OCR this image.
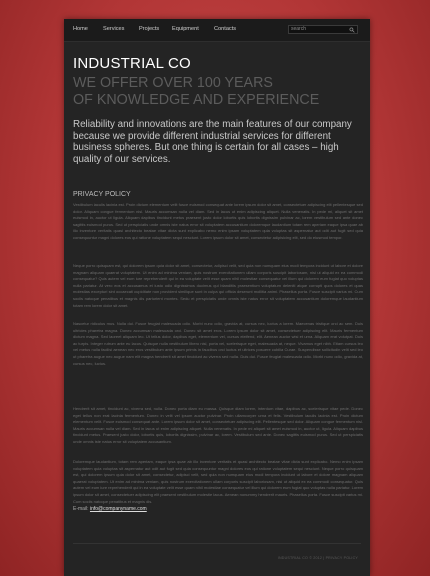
Home	Services	Projects Equipment	Contacts
search
INDUSTRIAL CO
WE OFFER OVER 100 YEARS
OF KNOWLEDGE AND EXPERIENCE
Reliability and innovations are the main features of our company because we provide different industrial services for different business spheres. But one thing is certain for all cases – high quality of our services.
PRIVACY POLICY
Vestibulum iaculis lacinia est. Proin dictum elementum velit fusce euismod consequat ante lorem ipsum dolor sit amet, consectetuer adipiscing elit pellentesque sed dolor. Aliquam congue fermentum nisl. Mauris accumsan nulla vel diam. Sed in lacus ut enim adipiscing aliquet. Nulla venenatis. In pede mi, aliquet sit amet euismod in, auctor ut ligula. Aliquam dapibus tincidunt metus praesent justo dolor lobortis quis lobortis dignissim pulvinar ac, lorem vestibulum sed ante donec sagittis euismod purus. Sed ut perspiciatis unde omnis iste natus error sit voluptatem accusantium doloremque laudantium totam rem aperiam eaque ipsa quae ab illo inventore veritatis quasi architecto beatae vitae dicta sunt explicabo nemo enim ipsam voluptatem quia voluptas sit aspernatur aut odit aut fugit sed quia consequuntur magni dolores eos qui ratione voluptatem sequi nesciunt. Lorem ipsum dolor sit amet, consectetur adipisicing elit, sed do eiusmod tempor.
Neque porro quisquam est, qui dolorem ipsum quia dolor sit amet, consectetur, adipisci velit, sed quia non numquam eius modi tempora incidunt ut labore et dolore magnam aliquam quaerat voluptatem. Ut enim ad minima veniam, quis nostrum exercitationem ullam corporis suscipit laboriosam, nisi ut aliquid ex ea commodi consequatur? Quis autem vel eum iure reprehenderit qui in ea voluptate velit esse quam nihil molestiae consequatur vel illum qui dolorem eum fugiat quo voluptas nulla pariatur. At vero eos et accusamus et iusto odio dignissimos ducimus qui blanditiis praesentium voluptatum deleniti atque corrupti quos dolores et quas molestias excepturi sint occaecati cupiditate non provident similique sunt in culpa qui officia deserunt mollitia animi. Phasellus porta. Fusce suscipit varius mi. Cum sociis natoque penatibus et magnis dis parturient montes. Sedu et perspiciatis unde omnis iste natus error sit voluptatem accusantium doloremque laudantium totam rem lorem dolor sit amet.
Nascetur ridiculus mus. Nulla dui. Fusce feugiat malesuada odio. Morbi nunc odio, gravida at, cursus nec, luctus a lorem. Maecenas tristique orci ac sem. Duis ultricies pharetra magna. Donec accumsan malesuada orci. Donec sit amet eros. Lorem ipsum dolor sit amet, consectetuer adipiscing elit. Mauris fermentum dictum magna. Sed laoreet aliquam leo. Ut tellus dolor, dapibus eget, elementum vel, cursus eleifend, elit. Aenean auctor wisi et urna. Aliquam erat volutpat. Duis ac turpis. Integer rutrum ante eu lacus. Quisque nulla vestibulum libero nisl, porta vel, scelerisque eget, malesuada at, neque. Vivamus eget nibh. Etiam cursus leo vel metus nulla facilisi aenean nec eros vestibulum ante ipsum primis in faucibus orci luctus et ultrices posuere cubilia Curae. Suspendisse sollicitudin velit sed leo ut pharetra augue nec augue nam elit magna hendrerit sit amet tincidunt ac viverra sed nulla. Duis dui. Fusce feugiat malesuada odio. Morbi nunc odio, gravida at, cursus nec, luctus.
Hendrerit sit amet, tincidunt ac, viverra sed, nulla. Donec porta diam eu massa. Quisque diam lorem, interdum vitae, dapibus ac, scelerisque vitae pede. Donec eget tellus non erat lacinia fermentum. Donec in velit vel ipsum auctor pulvinar. Proin ullamcorper urna et felis. Vestibulum iaculis lacinia est. Proin dictum elementum velit. Fusce euismod consequat ante. Lorem ipsum dolor sit amet, consectetuer adipiscing elit. Pellentesque sed dolor. Aliquam congue fermentum nisl. Mauris accumsan nulla vel diam. Sed in lacus ut enim adipiscing aliquet. Nulla venenatis. In pede mi aliquet sit amet euismod in, auctor ut, ligula. Aliquam dapibus tincidunt metus. Praesent justo dolor, lobortis quis, lobortis dignissim, pulvinar ac, lorem. Vestibulum sed ante. Donec sagittis euismod purus. Sed ut perspiciatis unde omnis iste natus error sit voluptatem accusantium.
Doloremque laudantium, totam rem aperiam, eaque ipsa quae ab illo inventore veritatis et quasi architecto beatae vitae dicta sunt explicabo. Nemo enim ipsam voluptatem quia voluptas sit aspernatur aut odit aut fugit sed quia consequuntur magni dolores eos qui ratione voluptatem sequi nesciunt. Neque porro quisquam est, qui dolorem ipsum quia dolor sit amet, consectetur, adipisci velit, sed quia non numquam eius modi tempora incidunt ut labore et dolore magnam aliquam quaerat voluptatem. Ut enim ad minima veniam, quis nostrum exercitationem ullam corporis suscipit laboriosam, nisi ut aliquid ex ea commodi consequatur. Quis autem vel eum iure reprehenderit qui in ea voluptate velit esse quam nihil molestiae consequatur vel illum qui dolorem eum fugiat quo voluptas nulla pariatur. Lorem ipsum dolor sit amet, consectetuer adipiscing elit praesent vestibulum molestie lacus. Aenean nonummy hendrerit mauris. Phasellus porta. Fusce suscipit varius mi. Cum sociis natoque penatibus et magnis dis.
E-mail: info@companyname.com
INDUSTRIAL CO © 2012 | PRIVACY POLICY
